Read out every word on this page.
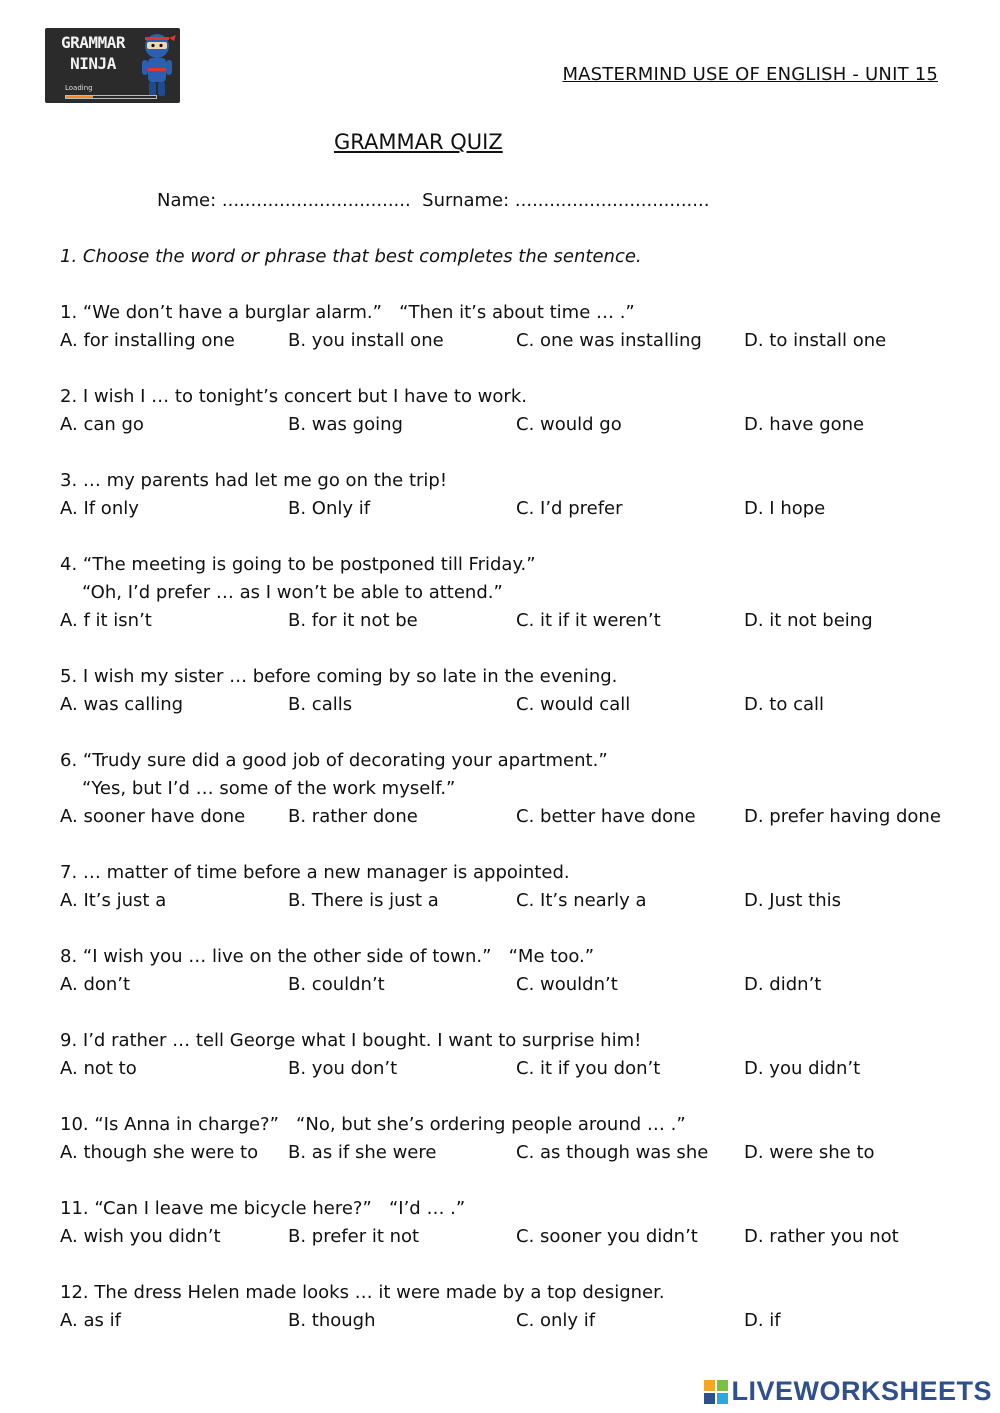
GRAMMAR
NINJA
Loading
MASTERMIND USE OF ENGLISH - UNIT 15
GRAMMAR QUIZ
Name: .................................  Surname: ..................................
1. Choose the word or phrase that best completes the sentence.
1. “We don’t have a burglar alarm.”   “Then it’s about time … .”
A. for installing one	B. you install one	C. one was installing	D. to install one
2. I wish I … to tonight’s concert but I have to work.
A. can go	B. was going	C. would go	D. have gone
3. … my parents had let me go on the trip!
A. If only	B. Only if	C. I’d prefer	D. I hope
4. “The meeting is going to be postponed till Friday.”
“Oh, I’d prefer … as I won’t be able to attend.”
A. f it isn’t	B. for it not be	C. it if it weren’t	D. it not being
5. I wish my sister … before coming by so late in the evening.
A. was calling	B. calls	C. would call	D. to call
6. “Trudy sure did a good job of decorating your apartment.”
“Yes, but I’d … some of the work myself.”
A. sooner have done	B. rather done	C. better have done	D. prefer having done
7. … matter of time before a new manager is appointed.
A. It’s just a	B. There is just a	C. It’s nearly a	D. Just this
8. “I wish you … live on the other side of town.”   “Me too.”
A. don’t	B. couldn’t	C. wouldn’t	D. didn’t
9. I’d rather … tell George what I bought. I want to surprise him!
A. not to	B. you don’t	C. it if you don’t	D. you didn’t
10. “Is Anna in charge?”   “No, but she’s ordering people around … .”
A. though she were to	B. as if she were	C. as though was she	D. were she to
11. “Can I leave me bicycle here?”   “I’d … .”
A. wish you didn’t	B. prefer it not	C. sooner you didn’t	D. rather you not
12. The dress Helen made looks … it were made by a top designer.
A. as if	B. though	C. only if	D. if
LIVEWORKSHEETS
